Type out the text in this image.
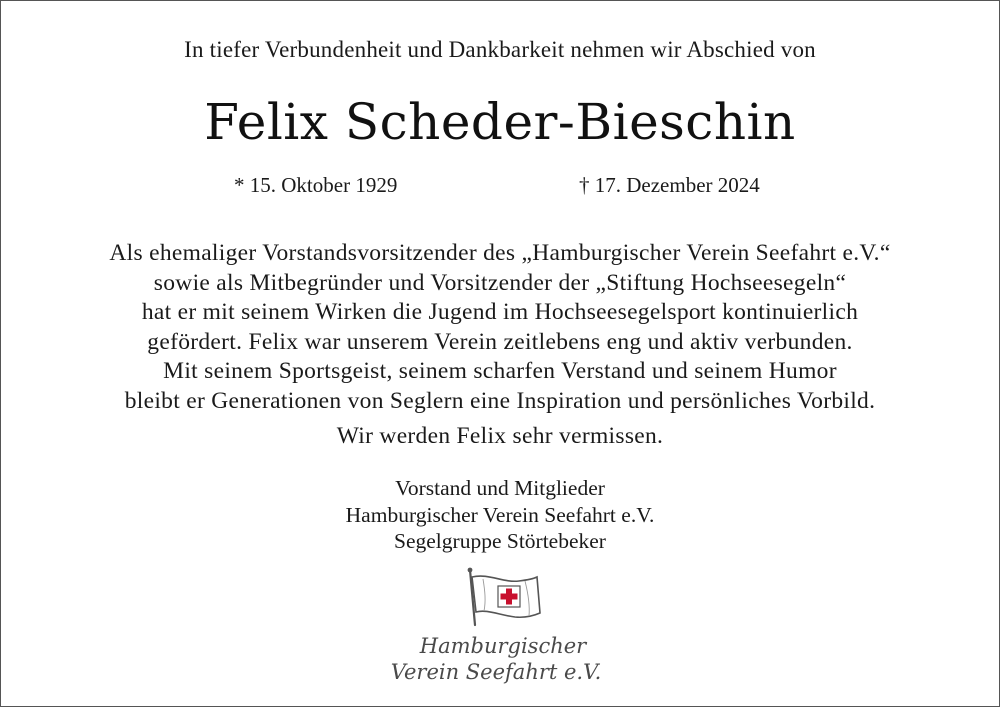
In tiefer Verbundenheit und Dankbarkeit nehmen wir Abschied von
Felix Scheder-Bieschin
* 15. Oktober 1929	† 17. Dezember 2024
Als ehemaliger Vorstandsvorsitzender des „Hamburgischer Verein Seefahrt e.V.“
sowie als Mitbegründer und Vorsitzender der „Stiftung Hochseesegeln“
hat er mit seinem Wirken die Jugend im Hochseesegelsport kontinuierlich
gefördert. Felix war unserem Verein zeitlebens eng und aktiv verbunden.
Mit seinem Sportsgeist, seinem scharfen Verstand und seinem Humor
bleibt er Generationen von Seglern eine Inspiration und persönliches Vorbild.
Wir werden Felix sehr vermissen.
Vorstand und Mitglieder
Hamburgischer Verein Seefahrt e.V.
Segelgruppe Störtebeker
Hamburgischer
Verein Seefahrt e.V.
